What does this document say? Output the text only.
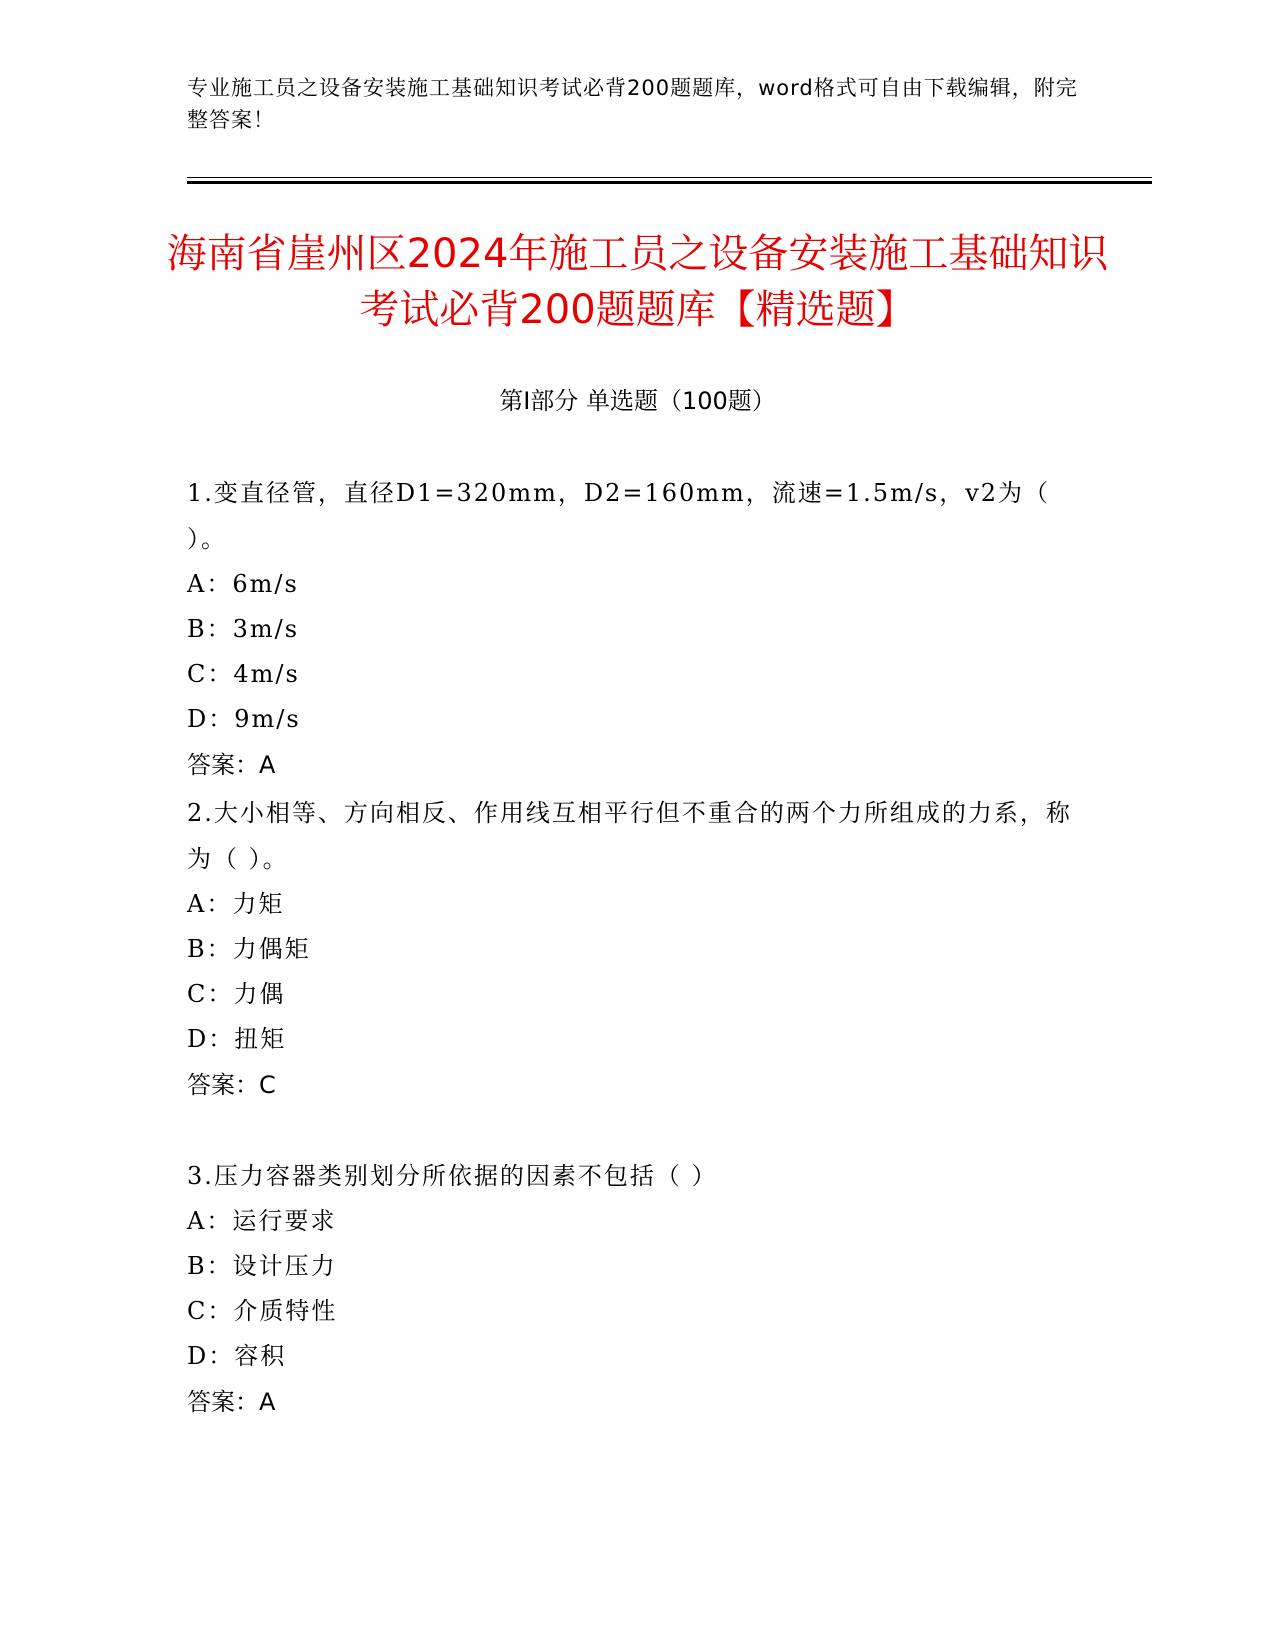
专业施工员之设备安装施工基础知识考试必背200题题库，word格式可自由下载编辑，附完整答案！
海南省崖州区2024年施工员之设备安装施工基础知识考试必背200题题库【精选题】
第I部分 单选题（100题）
1.变直径管，直径D1=320mm，D2=160mm，流速=1.5m/s，v2为（ ）。
A：6m/s
B：3m/s
C：4m/s
D：9m/s
答案：A
2.大小相等、方向相反、作用线互相平行但不重合的两个力所组成的力系，称为（ ）。
A：力矩
B：力偶矩
C：力偶
D：扭矩
答案：C
3.压力容器类别划分所依据的因素不包括（ ）
A：运行要求
B：设计压力
C：介质特性
D：容积
答案：A
